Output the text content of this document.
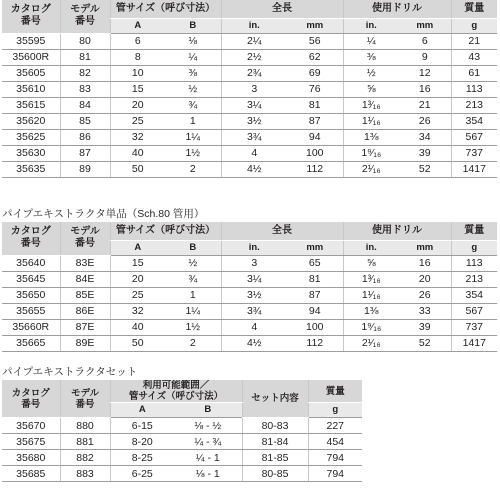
カタログ
番号	モデル
番号	管サイズ（呼び寸法）		全長		使用ドリル		質量
		A	B	in.	mm	in.	mm	g
35595	80	6	⅛	2¼	56	¼	6	21
35600R	81	8	¼	2½	62	⅜	9	43
35605	82	10	⅜	2¾	69	½	12	61
35610	83	15	½	3	76	⅝	16	113
35615	84	20	¾	3¼	81	1³⁄₁₆	21	213
35620	85	25	1	3½	87	1¹⁄₁₆	26	354
35625	86	32	1¼	3¾	94	1⅜	34	567
35630	87	40	1½	4	100	1⁹⁄₁₆	39	737
35635	89	50	2	4½	112	2¹⁄₁₆	52	1417
パイプエキストラクタ単品（Sch.80 管用）
カタログ
番号	モデル
番号	管サイズ（呼び寸法）		全長		使用ドリル		質量
		A	B	in.	mm	in.	mm	g
35640	83E	15	½	3	65	⅝	16	113
35645	84E	20	¾	3¼	81	1³⁄₁₆	20	213
35650	85E	25	1	3½	87	1¹⁄₁₆	26	354
35655	86E	32	1¼	3¾	94	1⅜	33	567
35660R	87E	40	1½	4	100	1⁹⁄₁₆	39	737
35665	89E	50	2	4½	112	2¹⁄₁₆	52	1417
パイプエキストラクタセット
カタログ
番号	モデル
番号	利用可能範囲／
管サイズ（呼び寸法）		セット内容	質量
		A	B		g
35670	880	6-15	⅛ - ½	80-83	227
35675	881	8-20	¼ - ¾	81-84	454
35680	882	8-25	¼ - 1	81-85	794
35685	883	6-25	⅛ - 1	80-85	794
